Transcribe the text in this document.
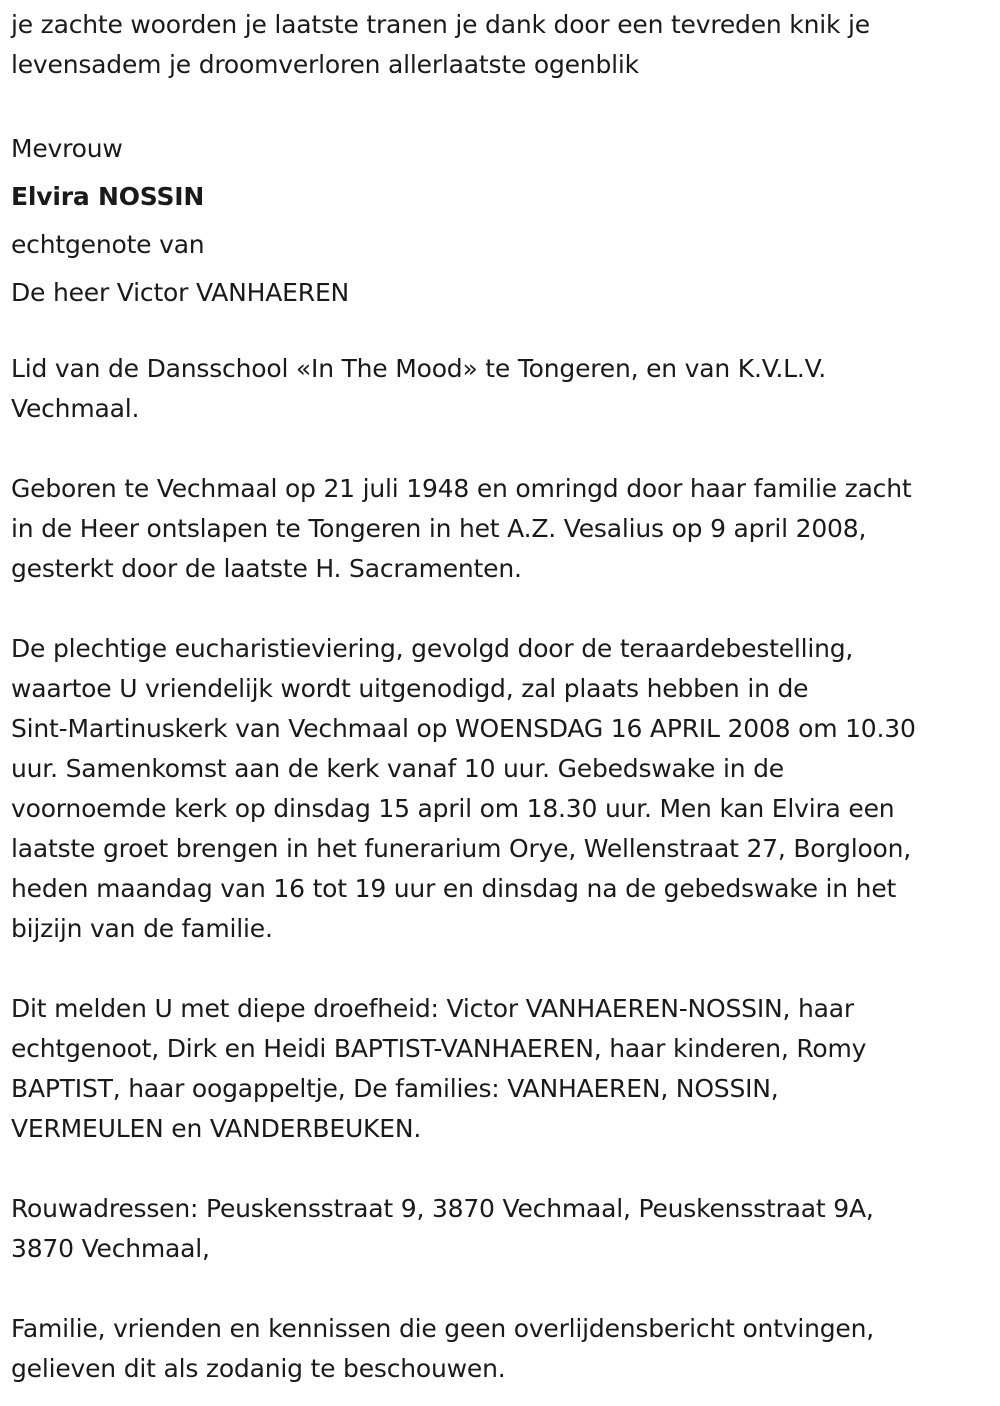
je zachte woorden je laatste tranen je dank door een tevreden knik je
levensadem je droomverloren allerlaatste ogenblik

Mevrouw

Elvira NOSSIN

echtgenote van

De heer Victor VANHAEREN

Lid van de Dansschool «In The Mood» te Tongeren, en van K.V.L.V.
Vechmaal.

Geboren te Vechmaal op 21 juli 1948 en omringd door haar familie zacht
in de Heer ontslapen te Tongeren in het A.Z. Vesalius op 9 april 2008,
gesterkt door de laatste H. Sacramenten.

De plechtige eucharistieviering, gevolgd door de teraardebestelling,
waartoe U vriendelijk wordt uitgenodigd, zal plaats hebben in de
Sint-Martinuskerk van Vechmaal op WOENSDAG 16 APRIL 2008 om 10.30
uur. Samenkomst aan de kerk vanaf 10 uur. Gebedswake in de
voornoemde kerk op dinsdag 15 april om 18.30 uur. Men kan Elvira een
laatste groet brengen in het funerarium Orye, Wellenstraat 27, Borgloon,
heden maandag van 16 tot 19 uur en dinsdag na de gebedswake in het
bijzijn van de familie.

Dit melden U met diepe droefheid: Victor VANHAEREN-NOSSIN, haar
echtgenoot, Dirk en Heidi BAPTIST-VANHAEREN, haar kinderen, Romy
BAPTIST, haar oogappeltje, De families: VANHAEREN, NOSSIN,
VERMEULEN en VANDERBEUKEN.

Rouwadressen: Peuskensstraat 9, 3870 Vechmaal, Peuskensstraat 9A,
3870 Vechmaal,

Familie, vrienden en kennissen die geen overlijdensbericht ontvingen,
gelieven dit als zodanig te beschouwen.
